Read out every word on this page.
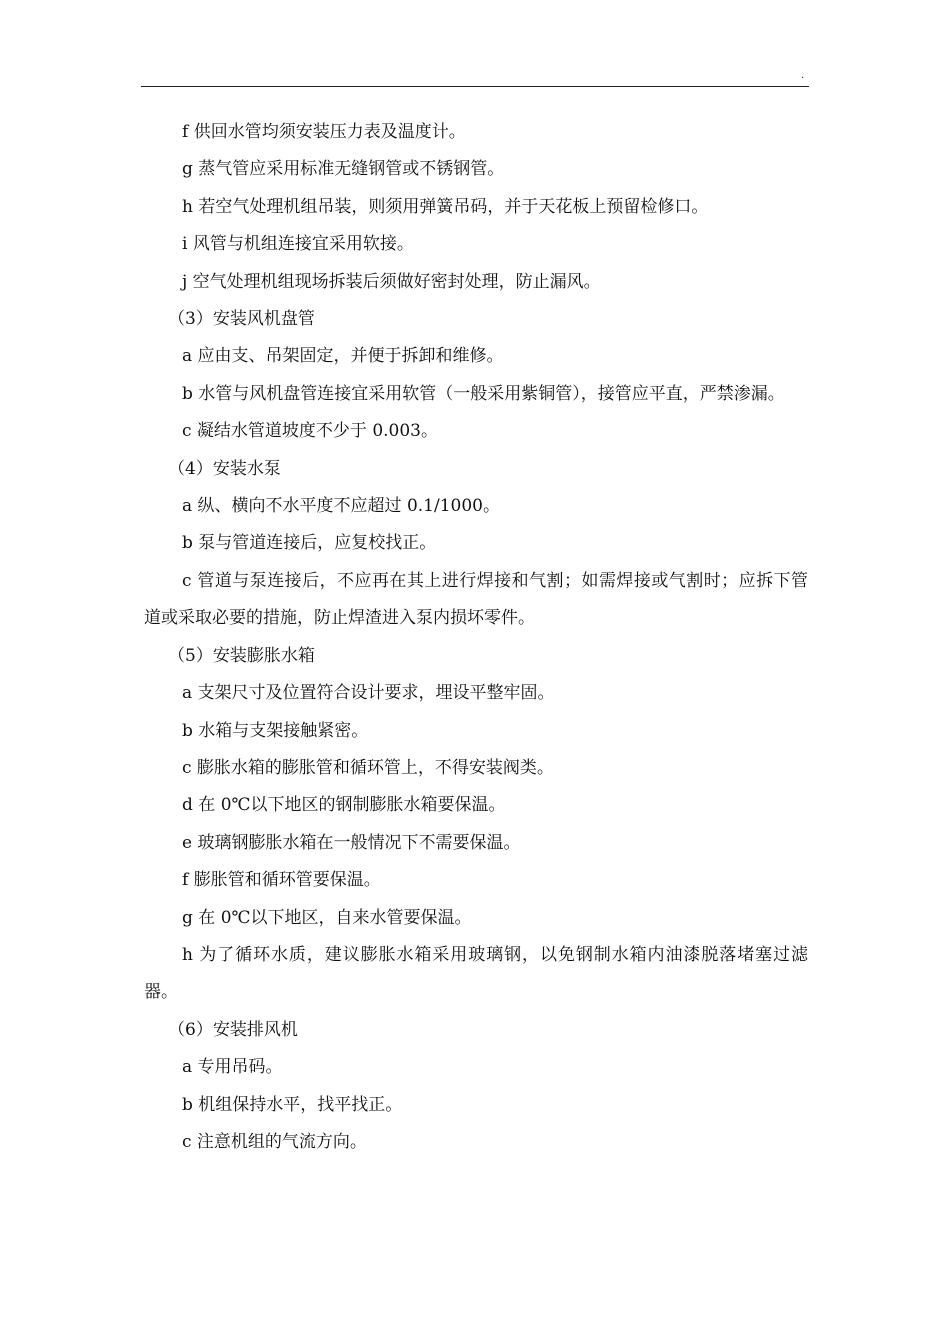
.

f 供回水管均须安装压力表及温度计。

g 蒸气管应采用标准无缝钢管或不锈钢管。

h 若空气处理机组吊装，则须用弹簧吊码，并于天花板上预留检修口。

i 风管与机组连接宜采用软接。

j 空气处理机组现场拆装后须做好密封处理，防止漏风。

（3）安装风机盘管

a 应由支、吊架固定，并便于拆卸和维修。

b 水管与风机盘管连接宜采用软管（一般采用紫铜管），接管应平直，严禁渗漏。

c 凝结水管道坡度不少于 0.003。

（4）安装水泵

a 纵、横向不水平度不应超过 0.1/1000。

b 泵与管道连接后，应复校找正。

c 管道与泵连接后，不应再在其上进行焊接和气割；如需焊接或气割时；应拆下管道或采取必要的措施，防止焊渣进入泵内损坏零件。

（5）安装膨胀水箱

a 支架尺寸及位置符合设计要求，埋设平整牢固。

b 水箱与支架接触紧密。

c 膨胀水箱的膨胀管和循环管上，不得安装阀类。

d 在 0℃以下地区的钢制膨胀水箱要保温。

e 玻璃钢膨胀水箱在一般情况下不需要保温。

f 膨胀管和循环管要保温。

g 在 0℃以下地区，自来水管要保温。

h 为了循环水质，建议膨胀水箱采用玻璃钢，以免钢制水箱内油漆脱落堵塞过滤器。

（6）安装排风机

a 专用吊码。

b 机组保持水平，找平找正。

c 注意机组的气流方向。
